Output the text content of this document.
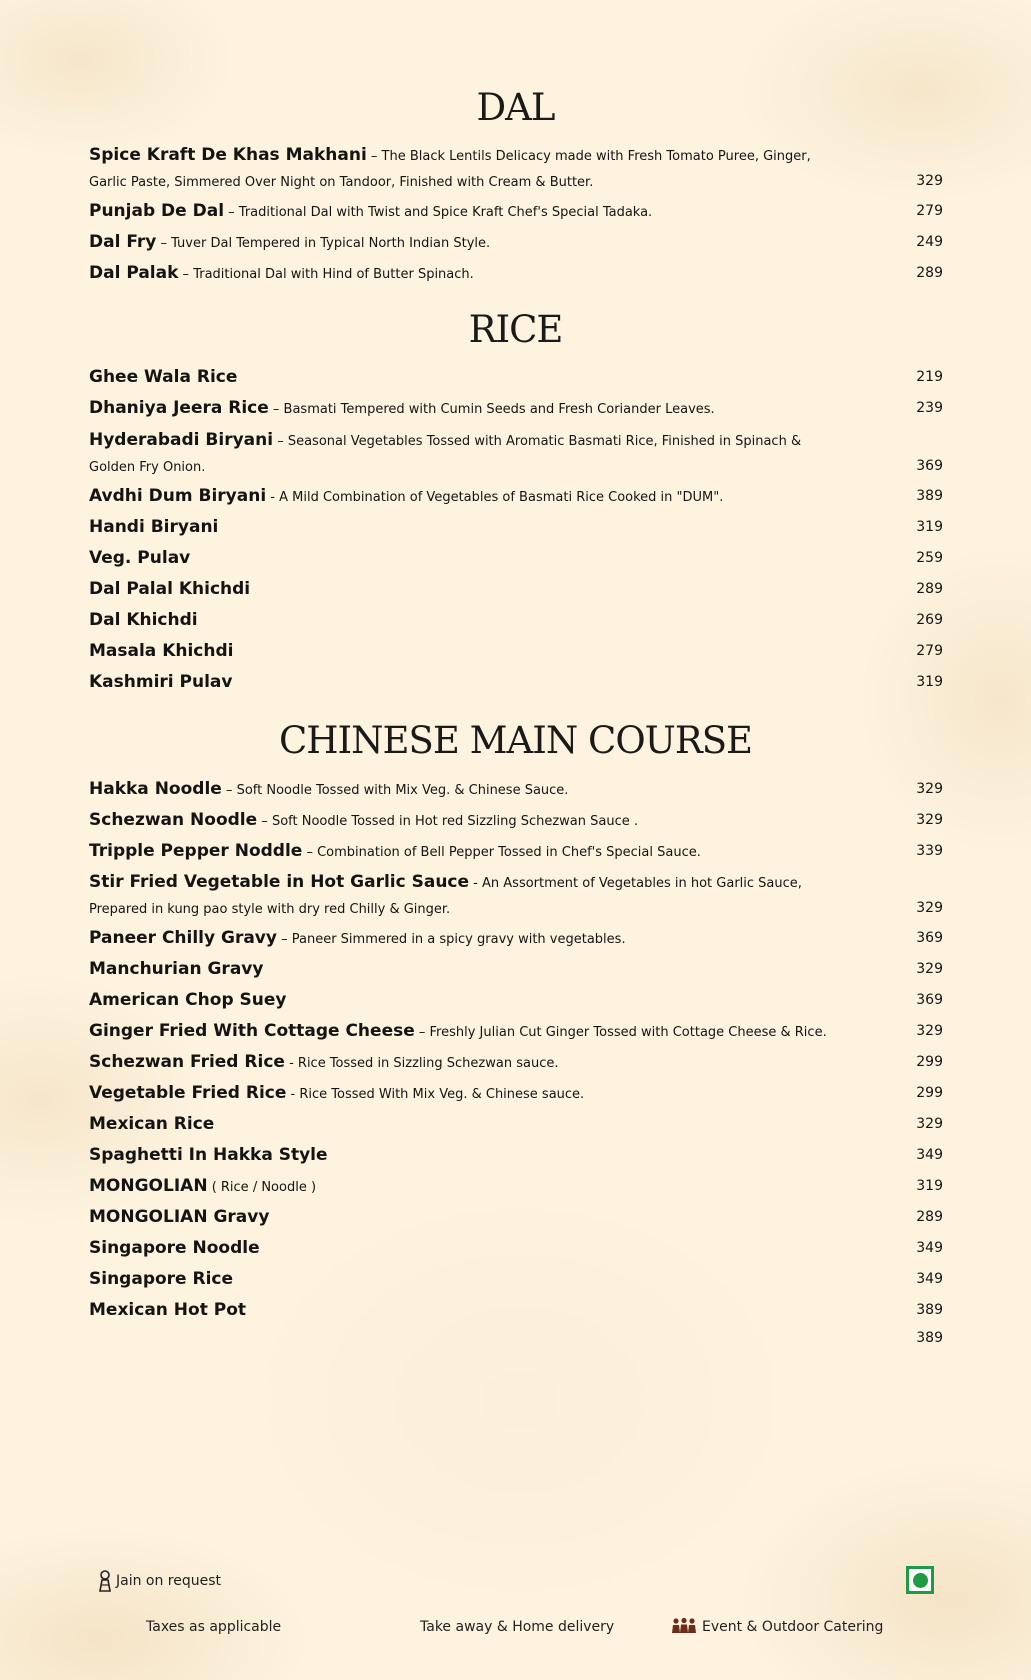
DAL
Spice Kraft De Khas Makhani – The Black Lentils Delicacy made with Fresh Tomato Puree, Ginger,
Garlic Paste, Simmered Over Night on Tandoor, Finished with Cream & Butter.	329
Punjab De Dal – Traditional Dal with Twist and Spice Kraft Chef's Special Tadaka.	279
Dal Fry – Tuver Dal Tempered in Typical North Indian Style.	249
Dal Palak – Traditional Dal with Hind of Butter Spinach.	289
RICE
Ghee Wala Rice	219
Dhaniya Jeera Rice – Basmati Tempered with Cumin Seeds and Fresh Coriander Leaves.	239
Hyderabadi Biryani – Seasonal Vegetables Tossed with Aromatic Basmati Rice, Finished in Spinach &
Golden Fry Onion.	369
Avdhi Dum Biryani - A Mild Combination of Vegetables of Basmati Rice Cooked in "DUM".	389
Handi Biryani	319
Veg. Pulav	259
Dal Palal Khichdi	289
Dal Khichdi	269
Masala Khichdi	279
Kashmiri Pulav	319
CHINESE MAIN COURSE
Hakka Noodle – Soft Noodle Tossed with Mix Veg. & Chinese Sauce.	329
Schezwan Noodle – Soft Noodle Tossed in Hot red Sizzling Schezwan Sauce .	329
Tripple Pepper Noddle – Combination of Bell Pepper Tossed in Chef's Special Sauce.	339
Stir Fried Vegetable in Hot Garlic Sauce - An Assortment of Vegetables in hot Garlic Sauce,
Prepared in kung pao style with dry red Chilly & Ginger.	329
Paneer Chilly Gravy – Paneer Simmered in a spicy gravy with vegetables.	369
Manchurian Gravy	329
American Chop Suey	369
Ginger Fried With Cottage Cheese – Freshly Julian Cut Ginger Tossed with Cottage Cheese & Rice.	329
Schezwan Fried Rice - Rice Tossed in Sizzling Schezwan sauce.	299
Vegetable Fried Rice - Rice Tossed With Mix Veg. & Chinese sauce.	299
Mexican Rice	329
Spaghetti In Hakka Style	349
MONGOLIAN ( Rice / Noodle )	319
MONGOLIAN Gravy	289
Singapore Noodle	349
Singapore Rice	349
Mexican Hot Pot	389
389
Jain on request
Taxes as applicable	Take away & Home delivery	Event & Outdoor Catering
